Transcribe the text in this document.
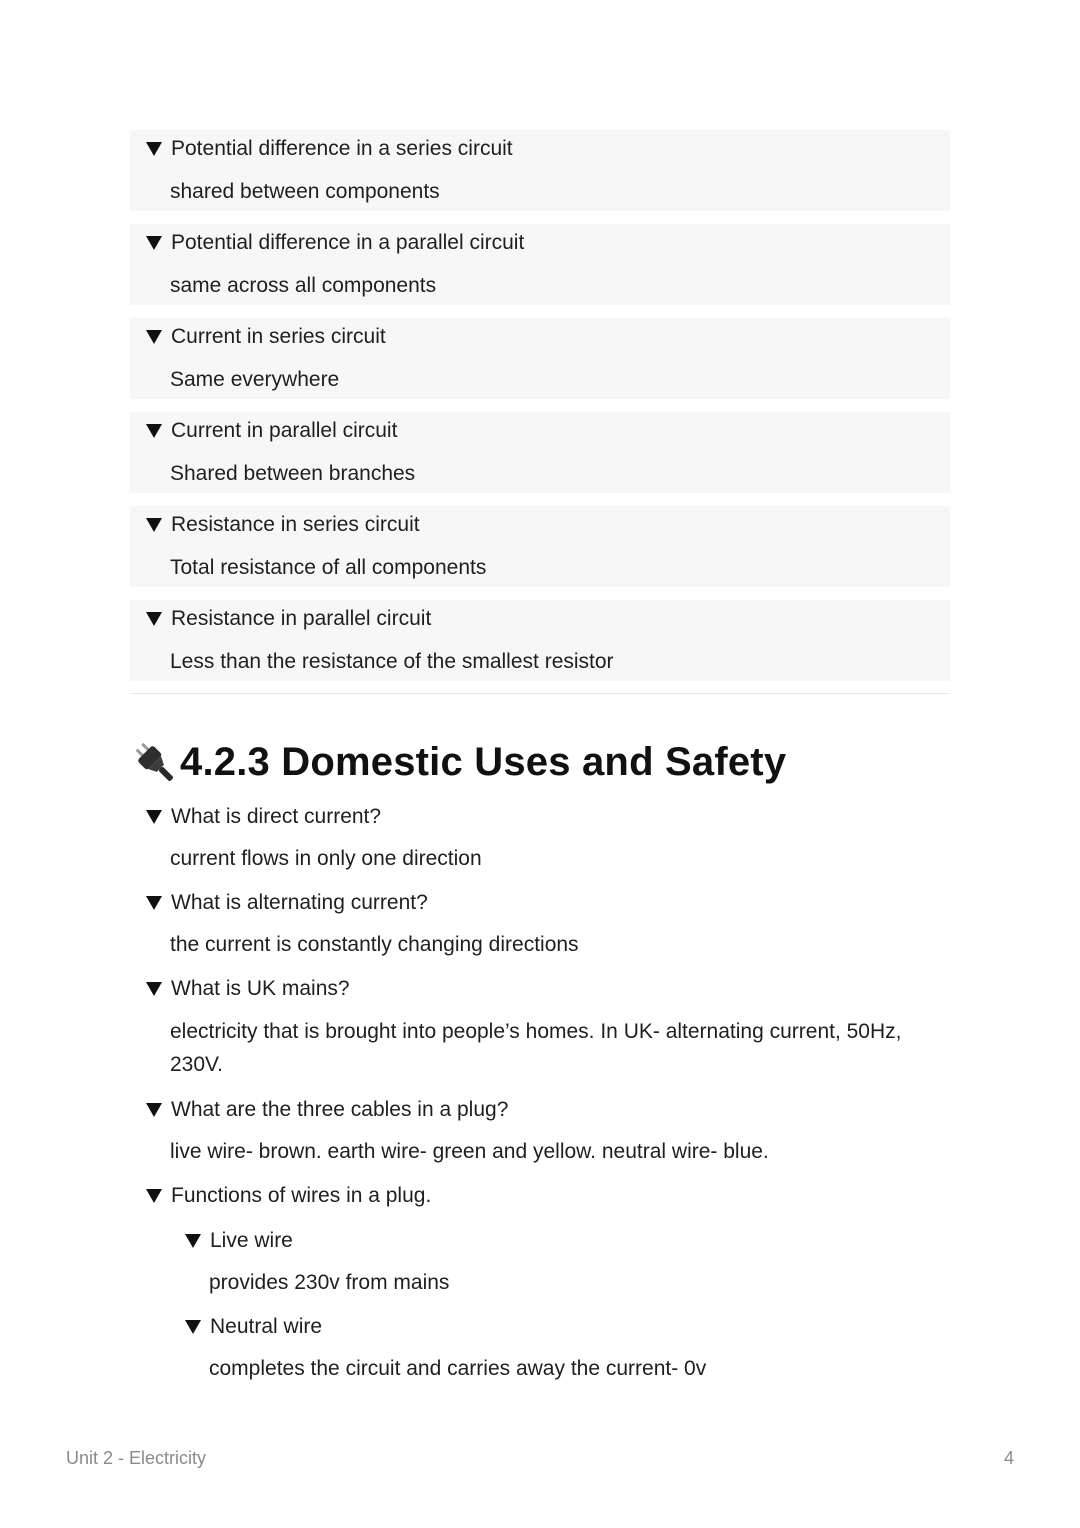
Potential difference in a series circuit
shared between components
Potential difference in a parallel circuit
same across all components
Current in series circuit
Same everywhere
Current in parallel circuit
Shared between branches
Resistance in series circuit
Total resistance of all components
Resistance in parallel circuit
Less than the resistance of the smallest resistor
4.2.3 Domestic Uses and Safety
What is direct current?
current flows in only one direction
What is alternating current?
the current is constantly changing directions
What is UK mains?
electricity that is brought into people’s homes. In UK- alternating current, 50Hz, 230V.
What are the three cables in a plug?
live wire- brown. earth wire- green and yellow. neutral wire- blue.
Functions of wires in a plug.
Live wire
provides 230v from mains
Neutral wire
completes the circuit and carries away the current- 0v
Unit 2 - Electricity	4
